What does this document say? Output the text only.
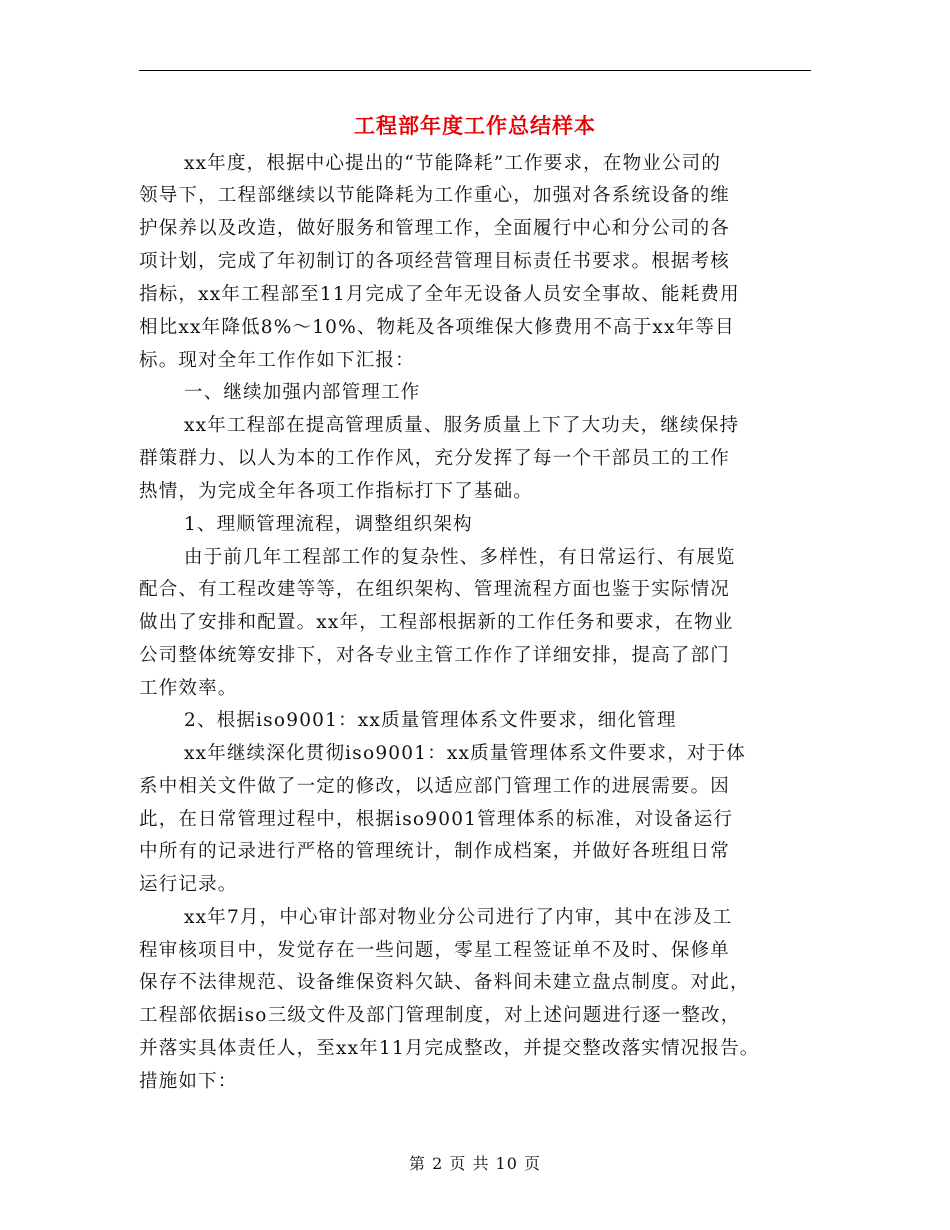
工程部年度工作总结样本
xx年度，根据中心提出的“节能降耗”工作要求，在物业公司的
领导下，工程部继续以节能降耗为工作重心，加强对各系统设备的维
护保养以及改造，做好服务和管理工作，全面履行中心和分公司的各
项计划，完成了年初制订的各项经营管理目标责任书要求。根据考核
指标，xx年工程部至11月完成了全年无设备人员安全事故、能耗费用
相比xx年降低8%～10%、物耗及各项维保大修费用不高于xx年等目
标。现对全年工作作如下汇报：
一、继续加强内部管理工作
xx年工程部在提高管理质量、服务质量上下了大功夫，继续保持
群策群力、以人为本的工作作风，充分发挥了每一个干部员工的工作
热情，为完成全年各项工作指标打下了基础。
1、理顺管理流程，调整组织架构
由于前几年工程部工作的复杂性、多样性，有日常运行、有展览
配合、有工程改建等等，在组织架构、管理流程方面也鉴于实际情况
做出了安排和配置。xx年，工程部根据新的工作任务和要求，在物业
公司整体统筹安排下，对各专业主管工作作了详细安排，提高了部门
工作效率。
2、根据iso9001：xx质量管理体系文件要求，细化管理
xx年继续深化贯彻iso9001：xx质量管理体系文件要求，对于体
系中相关文件做了一定的修改，以适应部门管理工作的进展需要。因
此，在日常管理过程中，根据iso9001管理体系的标准，对设备运行
中所有的记录进行严格的管理统计，制作成档案，并做好各班组日常
运行记录。
xx年7月，中心审计部对物业分公司进行了内审，其中在涉及工
程审核项目中，发觉存在一些问题，零星工程签证单不及时、保修单
保存不法律规范、设备维保资料欠缺、备料间未建立盘点制度。对此，
工程部依据iso三级文件及部门管理制度，对上述问题进行逐一整改，
并落实具体责任人，至xx年11月完成整改，并提交整改落实情况报告。
措施如下：
第 2 页 共 10 页
